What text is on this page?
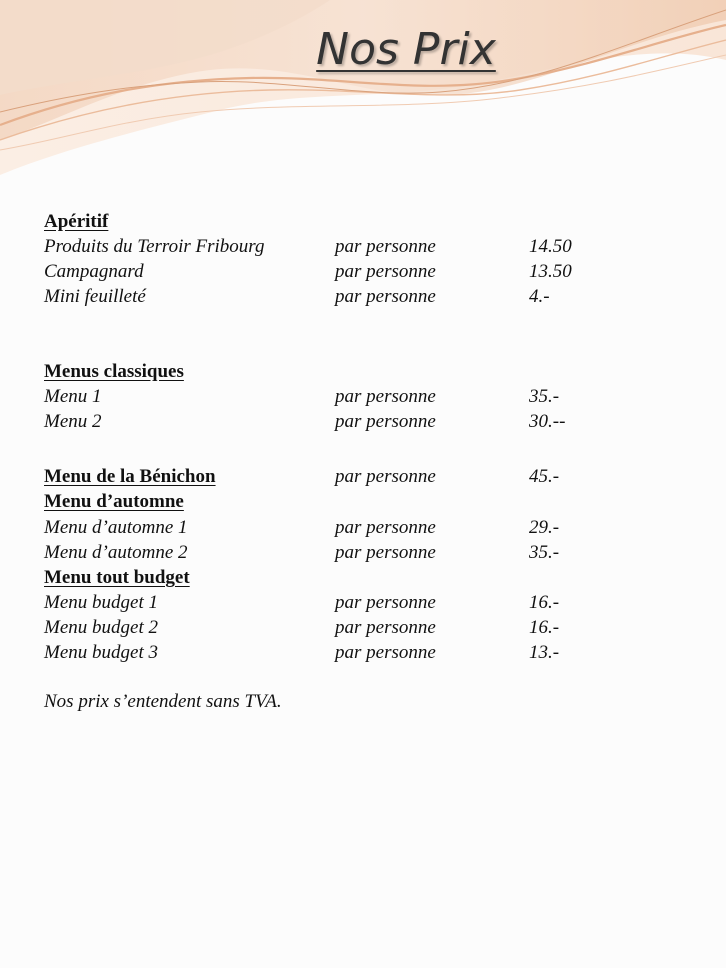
Nos Prix
Apéritif
Produits du Terroir Fribourg	par personne	14.50
Campagnard	par personne	13.50
Mini feuilleté	par personne	4.-
Menus classiques
Menu 1	par personne	35.-
Menu 2	par personne	30.--
Menu de la Bénichon	par personne	45.-
Menu d’automne
Menu d’automne 1	par personne	29.-
Menu d’automne 2	par personne	35.-
Menu tout budget
Menu budget 1	par personne	16.-
Menu budget 2	par personne	16.-
Menu budget 3	par personne	13.-
Nos prix s’entendent sans TVA.
